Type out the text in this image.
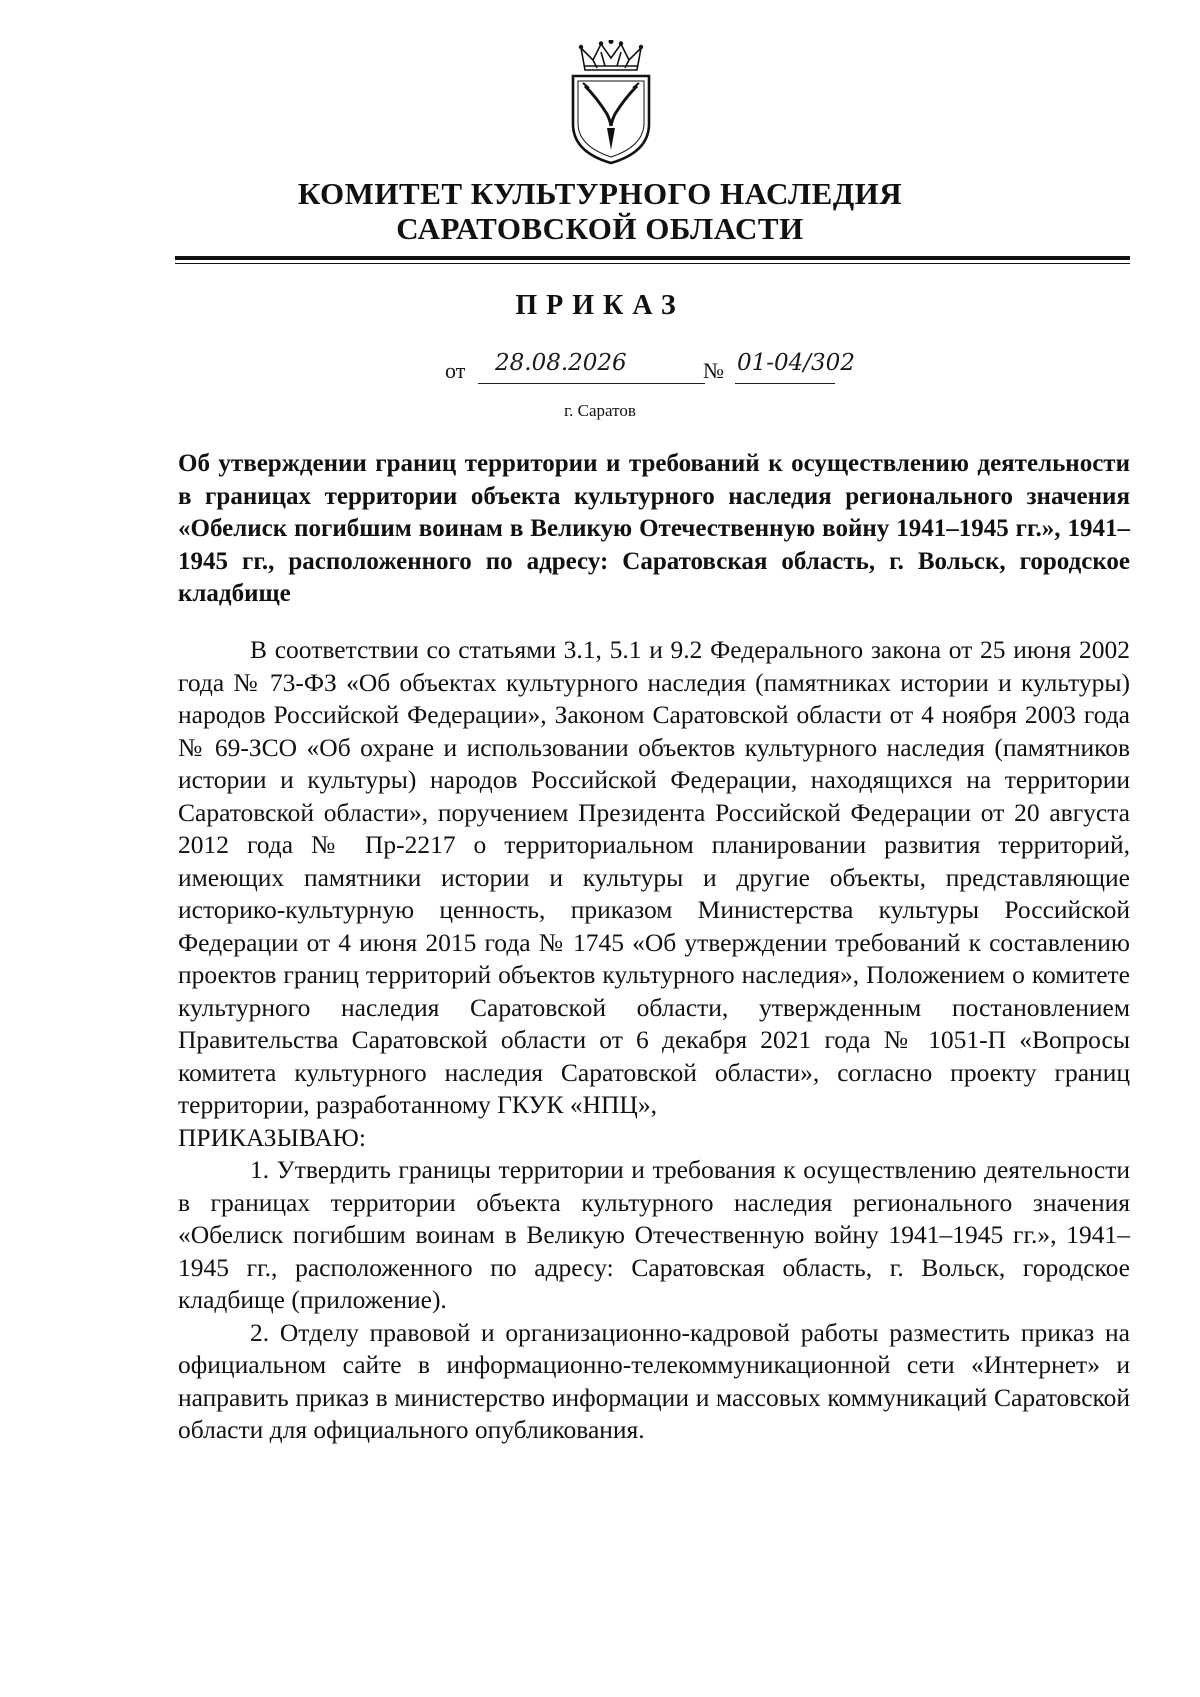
КОМИТЕТ КУЛЬТУРНОГО НАСЛЕДИЯ
САРАТОВСКОЙ ОБЛАСТИ
ПРИКАЗ
от 28.08.2026	№ 01-04/302
г. Саратов
Об утверждении границ территории и требований к осуществлению деятельности в границах территории объекта культурного наследия регионального значения «Обелиск погибшим воинам в Великую Отечественную войну 1941–1945 гг.», 1941–1945 гг., расположенного по адресу: Саратовская область, г. Вольск, городское кладбище

В соответствии со статьями 3.1, 5.1 и 9.2 Федерального закона от 25 июня 2002 года № 73-ФЗ «Об объектах культурного наследия (памятниках истории и культуры) народов Российской Федерации», Законом Саратовской области от 4 ноября 2003 года № 69-ЗСО «Об охране и использовании объектов культурного наследия (памятников истории и культуры) народов Российской Федерации, находящихся на территории Саратовской области», поручением Президента Российской Федерации от 20 августа 2012 года № Пр-2217 о территориальном планировании развития территорий, имеющих памятники истории и культуры и другие объекты, представляющие историко-культурную ценность, приказом Министерства культуры Российской Федерации от 4 июня 2015 года № 1745 «Об утверждении требований к составлению проектов границ территорий объектов культурного наследия», Положением о комитете культурного наследия Саратовской области, утвержденным постановлением Правительства Саратовской области от 6 декабря 2021 года № 1051-П «Вопросы комитета культурного наследия Саратовской области», согласно проекту границ территории, разработанному ГКУК «НПЦ»,

ПРИКАЗЫВАЮ:

1. Утвердить границы территории и требования к осуществлению деятельности в границах территории объекта культурного наследия регионального значения «Обелиск погибшим воинам в Великую Отечественную войну 1941–1945 гг.», 1941–1945 гг., расположенного по адресу: Саратовская область, г. Вольск, городское кладбище (приложение).

2. Отделу правовой и организационно-кадровой работы разместить приказ на официальном сайте в информационно-телекоммуникационной сети «Интернет» и направить приказ в министерство информации и массовых коммуникаций Саратовской области для официального опубликования.
